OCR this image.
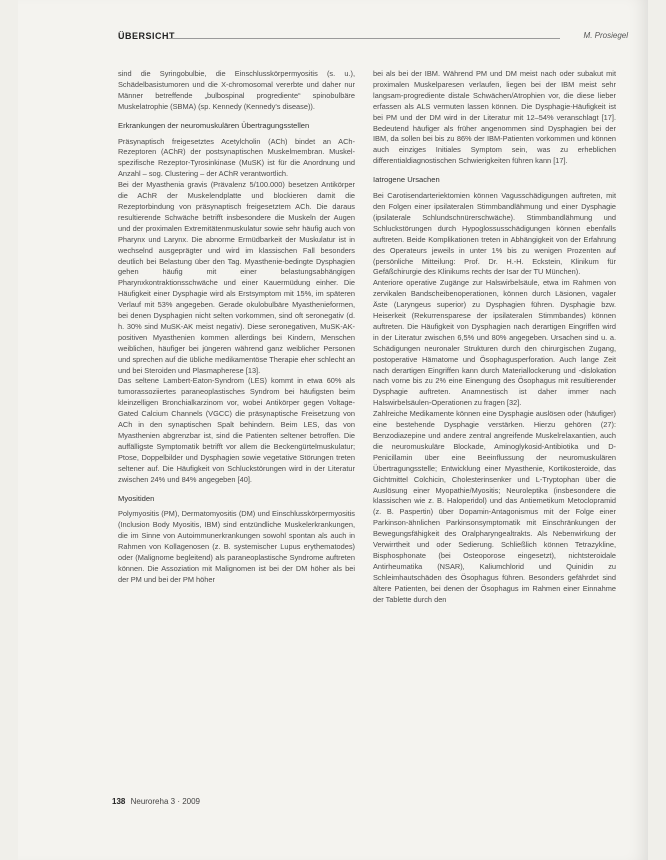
ÜBERSICHT	M. Prosiegel

sind die Syringobulbie, die Einschlusskörpermyositis (s. u.), Schädelbasistumoren und die X-chromosomal vererbte und daher nur Männer betreffende „bulbospinal progrediente“ spinobulbäre Muskelatrophie (SBMA) (sp. Kennedy (Kennedy's disease)).

Erkrankungen der neuromuskulären Übertragungsstellen

Präsynaptisch freigesetztes Acetylcholin (ACh) bindet an ACh-Rezeptoren (AChR) der postsynaptischen Muskelmembran. Muskel-spezifische Rezeptor-Tyrosinkinase (MuSK) ist für die Anordnung und Anzahl – sog. Clustering – der AChR verantwortlich.

Bei der Myasthenia gravis (Prävalenz 5/100.000) besetzen Antikörper die AChR der Muskelendplatte und blockieren damit die Rezeptorbindung von präsynaptisch freigesetztem ACh. Die daraus resultierende Schwäche betrifft insbesondere die Muskeln der Augen und der proximalen Extremitätenmuskulatur sowie sehr häufig auch von Pharynx und Larynx. Die abnorme Ermüdbarkeit der Muskulatur ist in wechselnd ausgeprägter und wird im klassischen Fall besonders deutlich bei Belastung über den Tag. Myasthenie-bedingte Dysphagien gehen häufig mit einer belastungsabhängigen Pharynxkontraktionsschwäche und einer Kauermüdung einher. Die Häufigkeit einer Dysphagie wird als Erstsymptom mit 15%, im späteren Verlauf mit 53% angegeben. Gerade okulobulbäre Myasthenieformen, bei denen Dysphagien nicht selten vorkommen, sind oft seronegativ (d. h. 30% sind MuSK-AK meist negativ). Diese seronegativen, MuSK-AK-positiven Myasthenien kommen allerdings bei Kindern, Menschen weiblichen, häufiger bei jüngeren während ganz weiblicher Personen und sprechen auf die übliche medikamentöse Therapie eher schlecht an und bei Steroiden und Plasmapherese [13].

Das seltene Lambert-Eaton-Syndrom (LES) kommt in etwa 60% als tumorassoziiertes paraneoplastisches Syndrom bei häufigsten beim kleinzelligen Bronchialkarzinom vor, wobei Antikörper gegen Voltage-Gated Calcium Channels (VGCC) die präsynaptische Freisetzung von ACh in den synaptischen Spalt behindern. Beim LES, das von Myasthenien abgrenzbar ist, sind die Patienten seltener betroffen. Die auffälligste Symptomatik betrifft vor allem die Beckengürtelmuskulatur; Ptose, Doppelbilder und Dysphagien sowie vegetative Störungen treten seltener auf. Die Häufigkeit von Schluckstörungen wird in der Literatur zwischen 24% und 84% angegeben [40].

Myositiden

Polymyositis (PM), Dermatomyositis (DM) und Einschlusskörpermyositis (Inclusion Body Myositis, IBM) sind entzündliche Muskelerkrankungen, die im Sinne von Autoimmunerkrankungen sowohl spontan als auch in Rahmen von Kollagenosen (z. B. systemischer Lupus erythematodes) oder (Malignome begleitend) als paraneoplastische Syndrome auftreten können. Die Assoziation mit Malignomen ist bei der DM höher als bei der PM und bei der PM höher

bei als bei der IBM. Während PM und DM meist nach oder subakut mit proximalen Muskelparesen verlaufen, liegen bei der IBM meist sehr langsam-progrediente distale Schwächen/Atrophien vor, die diese lieber erfassen als ALS vermuten lassen können. Die Dysphagie-Häufigkeit ist bei PM und der DM wird in der Literatur mit 12–54% veranschlagt [17]. Bedeutend häufiger als früher angenommen sind Dysphagien bei der IBM, da sollen bei bis zu 86% der IBM-Patienten vorkommen und können auch einziges Initiales Symptom sein, was zu erheblichen differentialdiagnostischen Schwierigkeiten führen kann [17].

Iatrogene Ursachen

Bei Carotisendarteriektomien können Vagusschädigungen auftreten, mit den Folgen einer ipsilateralen Stimmbandlähmung und einer Dysphagie (ipsilaterale Schlundschnürerschwäche). Stimmbandlähmung und Schluckstörungen durch Hypoglossusschädigungen können ebenfalls auftreten. Beide Komplikationen treten in Abhängigkeit von der Erfahrung des Operateurs jeweils in unter 1% bis zu wenigen Prozenten auf (persönliche Mitteilung: Prof. Dr. H.-H. Eckstein, Klinikum für Gefäßchirurgie des Klinikums rechts der Isar der TU München).

Anteriore operative Zugänge zur Halswirbelsäule, etwa im Rahmen von zervikalen Bandscheibenoperationen, können durch Läsionen, vagaler Äste (Laryngeus superior) zu Dysphagien führen. Dysphagie bzw. Heiserkeit (Rekurrensparese der ipsilateralen Stimmbandes) können auftreten. Die Häufigkeit von Dysphagien nach derartigen Eingriffen wird in der Literatur zwischen 6,5% und 80% angegeben. Ursachen sind u. a. Schädigungen neuronaler Strukturen durch den chirurgischen Zugang, postoperative Hämatome und Ösophagusperforation. Auch lange Zeit nach derartigen Eingriffen kann durch Materiallockerung und -dislokation nach vorne bis zu 2% eine Einengung des Ösophagus mit resultierender Dysphagie auftreten. Anamnestisch ist daher immer nach Halswirbelsäulen-Operationen zu fragen [32].

Zahlreiche Medikamente können eine Dysphagie auslösen oder (häufiger) eine bestehende Dysphagie verstärken. Hierzu gehören (27): Benzodiazepine und andere zentral angreifende Muskelrelaxantien, auch die neuromuskuläre Blockade, Aminoglykosid-Antibiotika und D-Penicillamin über eine Beeinflussung der neuromuskulären Übertragungsstelle; Entwicklung einer Myasthenie, Kortikosteroide, das Gichtmittel Colchicin, Cholesterinsenker und L-Tryptophan über die Auslösung einer Myopathie/Myositis; Neuroleptika (insbesondere die klassischen wie z. B. Haloperidol) und das Antiemetikum Metoclopramid (z. B. Paspertin) über Dopamin-Antagonismus mit der Folge einer Parkinson-ähnlichen Parkinsonsymptomatik mit Einschränkungen der Bewegungsfähigkeit des Oralpharyngealtrakts. Als Nebenwirkung der Verwirrtheit und oder Sedierung. Schließlich können Tetrazykline, Bisphosphonate (bei Osteoporose eingesetzt), nichtsteroidale Antirheumatika (NSAR), Kaliumchlorid und Quinidin zu Schleimhautschäden des Ösophagus führen. Besonders gefährdet sind ältere Patienten, bei denen der Ösophagus im Rahmen einer Einnahme der Tablette durch den

138 Neuroreha 3 · 2009
